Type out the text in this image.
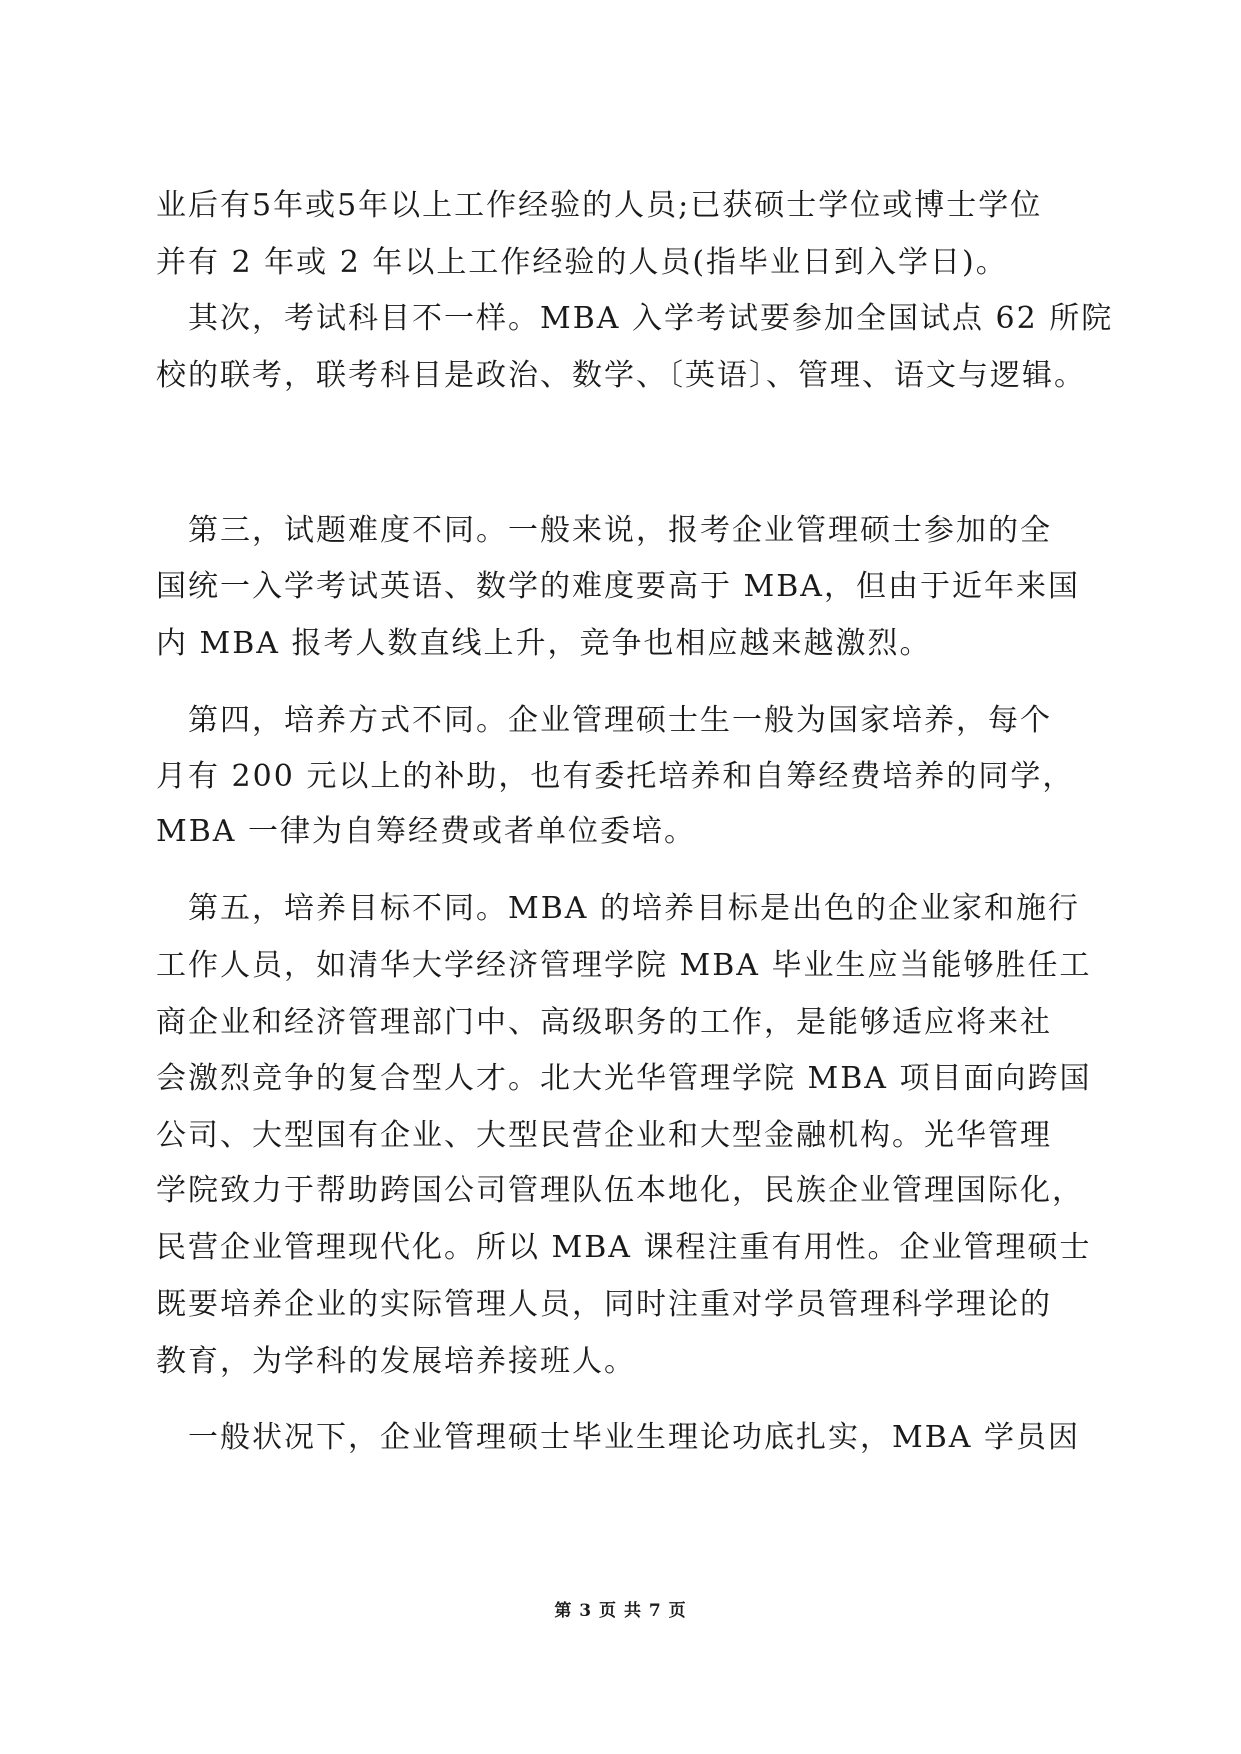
业后有5年或5年以上工作经验的人员;已获硕士学位或博士学位
并有 2 年或 2 年以上工作经验的人员(指毕业日到入学日)。
　其次，考试科目不一样。MBA 入学考试要参加全国试点 62 所院
校的联考，联考科目是政治、数学、〔英语〕、管理、语文与逻辑。
　第三，试题难度不同。一般来说，报考企业管理硕士参加的全
国统一入学考试英语、数学的难度要高于 MBA，但由于近年来国
内 MBA 报考人数直线上升，竞争也相应越来越激烈。
　第四，培养方式不同。企业管理硕士生一般为国家培养，每个
月有 200 元以上的补助，也有委托培养和自筹经费培养的同学，
MBA 一律为自筹经费或者单位委培。
　第五，培养目标不同。MBA 的培养目标是出色的企业家和施行
工作人员，如清华大学经济管理学院 MBA 毕业生应当能够胜任工
商企业和经济管理部门中、高级职务的工作，是能够适应将来社
会激烈竞争的复合型人才。北大光华管理学院 MBA 项目面向跨国
公司、大型国有企业、大型民营企业和大型金融机构。光华管理
学院致力于帮助跨国公司管理队伍本地化，民族企业管理国际化，
民营企业管理现代化。所以 MBA 课程注重有用性。企业管理硕士
既要培养企业的实际管理人员，同时注重对学员管理科学理论的
教育，为学科的发展培养接班人。
　一般状况下，企业管理硕士毕业生理论功底扎实，MBA 学员因
第 3 页 共 7 页
